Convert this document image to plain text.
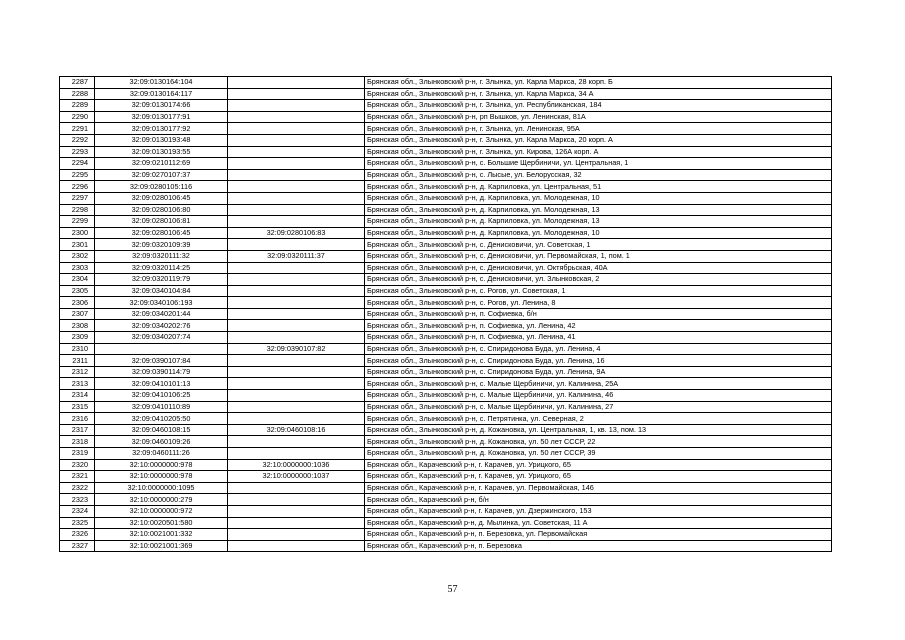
2287	32:09:0130164:104		Брянская обл., Злынковский р-н, г. Злынка, ул. Карла Маркса, 28 корп. Б
2288	32:09:0130164:117		Брянская обл., Злынковский р-н, г. Злынка, ул. Карла Маркса, 34 А
2289	32:09:0130174:66		Брянская обл., Злынковский р-н, г. Злынка, ул. Республиканская, 184
2290	32:09:0130177:91		Брянская обл., Злынковский р-н, рп Вышков, ул. Ленинская, 81А
2291	32:09:0130177:92		Брянская обл., Злынковский р-н, г. Злынка, ул. Ленинская, 95А
2292	32:09:0130193:48		Брянская обл., Злынковский р-н, г. Злынка, ул. Карла Маркса, 20 корп. А
2293	32:09:0130193:55		Брянская обл., Злынковский р-н, г. Злынка, ул. Кирова, 126А корп. А
2294	32:09:0210112:69		Брянская обл., Злынковский р-н, с. Большие Щербиничи, ул. Центральная, 1
2295	32:09:0270107:37		Брянская обл., Злынковский р-н, с. Лысые, ул. Белорусская, 32
2296	32:09:0280105:116		Брянская обл., Злынковский р-н, д. Карпиловка, ул. Центральная, 51
2297	32:09:0280106:45		Брянская обл., Злынковский р-н, д. Карпиловка, ул. Молодежная, 10
2298	32:09:0280106:80		Брянская обл., Злынковский р-н, д. Карпиловка, ул. Молодежная, 13
2299	32:09:0280106:81		Брянская обл., Злынковский р-н, д. Карпиловка, ул. Молодежная, 13
2300	32:09:0280106:45	32:09:0280106:83	Брянская обл., Злынковский р-н, д. Карпиловка, ул. Молодежная, 10
2301	32:09:0320109:39		Брянская обл., Злынковский р-н, с. Денисковичи, ул. Советская, 1
2302	32:09:0320111:32	32:09:0320111:37	Брянская обл., Злынковский р-н, с. Денисковичи, ул. Первомайская, 1, пом. 1
2303	32:09:0320114:25		Брянская обл., Злынковский р-н, с. Денисковичи, ул. Октябрьская, 40А
2304	32:09:0320119:79		Брянская обл., Злынковский р-н, с. Денисковичи, ул. Злынковская, 2
2305	32:09:0340104:84		Брянская обл., Злынковский р-н, с. Рогов, ул. Советская, 1
2306	32:09:0340106:193		Брянская обл., Злынковский р-н, с. Рогов, ул. Ленина, 8
2307	32:09:0340201:44		Брянская обл., Злынковский р-н, п. Софиевка, б/н
2308	32:09:0340202:76		Брянская обл., Злынковский р-н, п. Софиевка, ул. Ленина, 42
2309	32:09:0340207:74		Брянская обл., Злынковский р-н, п. Софиевка, ул. Ленина, 41
2310		32:09:0390107:82	Брянская обл., Злынковский р-н, с. Спиридонова Буда, ул. Ленина, 4
2311	32:09:0390107:84		Брянская обл., Злынковский р-н, с. Спиридонова Буда, ул. Ленина, 16
2312	32:09:0390114:79		Брянская обл., Злынковский р-н, с. Спиридонова Буда, ул. Ленина, 9А
2313	32:09:0410101:13		Брянская обл., Злынковский р-н, с. Малые Щербиничи, ул. Калинина, 25А
2314	32:09:0410106:25		Брянская обл., Злынковский р-н, с. Малые Щербиничи, ул. Калинина, 46
2315	32:09:0410110:89		Брянская обл., Злынковский р-н, с. Малые Щербиничи, ул. Калинина, 27
2316	32:09:0410205:50		Брянская обл., Злынковский р-н, с. Петрятинка, ул. Северная, 2
2317	32:09:0460108:15	32:09:0460108:16	Брянская обл., Злынковский р-н, д. Кожановка, ул. Центральная, 1, кв. 13, пом. 13
2318	32:09:0460109:26		Брянская обл., Злынковский р-н, д. Кожановка, ул. 50 лет СССР, 22
2319	32:09:0460111:26		Брянская обл., Злынковский р-н, д. Кожановка, ул. 50 лет СССР, 39
2320	32:10:0000000:978	32:10:0000000:1036	Брянская обл., Карачевский р-н, г. Карачев, ул. Урицкого, 65
2321	32:10:0000000:978	32:10:0000000:1037	Брянская обл., Карачевский р-н, г. Карачев, ул. Урицкого, 65
2322	32:10:0000000:1095		Брянская обл., Карачевский р-н, г. Карачев, ул. Первомайская, 146
2323	32:10:0000000:279		Брянская обл., Карачевский р-н, б/н
2324	32:10:0000000:972		Брянская обл., Карачевский р-н, г. Карачев, ул. Дзержинского, 153
2325	32:10:0020501:580		Брянская обл., Карачевский р-н, д. Мылинка, ул. Советская, 11 А
2326	32:10:0021001:332		Брянская обл., Карачевский р-н, п. Березовка, ул. Первомайская
2327	32:10:0021001:369		Брянская обл., Карачевский р-н, п. Березовка
57
